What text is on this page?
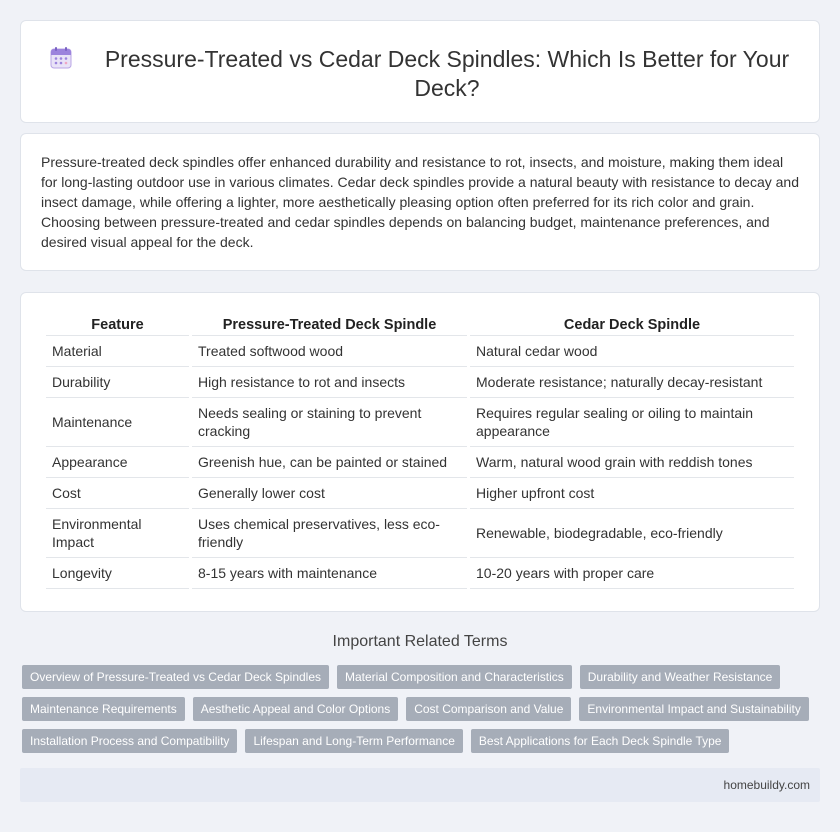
Pressure-Treated vs Cedar Deck Spindles: Which Is Better for Your Deck?

Pressure-treated deck spindles offer enhanced durability and resistance to rot, insects, and moisture, making them ideal for long-lasting outdoor use in various climates. Cedar deck spindles provide a natural beauty with resistance to decay and insect damage, while offering a lighter, more aesthetically pleasing option often preferred for its rich color and grain. Choosing between pressure-treated and cedar spindles depends on balancing budget, maintenance preferences, and desired visual appeal for the deck.

Feature	Pressure-Treated Deck Spindle	Cedar Deck Spindle
Material	Treated softwood wood	Natural cedar wood
Durability	High resistance to rot and insects	Moderate resistance; naturally decay-resistant
Maintenance	Needs sealing or staining to prevent cracking	Requires regular sealing or oiling to maintain appearance
Appearance	Greenish hue, can be painted or stained	Warm, natural wood grain with reddish tones
Cost	Generally lower cost	Higher upfront cost
Environmental Impact	Uses chemical preservatives, less eco-friendly	Renewable, biodegradable, eco-friendly
Longevity	8-15 years with maintenance	10-20 years with proper care
Important Related Terms
Overview of Pressure-Treated vs Cedar Deck Spindles	Material Composition and Characteristics	Durability and Weather Resistance
Maintenance Requirements	Aesthetic Appeal and Color Options	Cost Comparison and Value	Environmental Impact and Sustainability
Installation Process and Compatibility	Lifespan and Long-Term Performance	Best Applications for Each Deck Spindle Type
homebuildy.com
